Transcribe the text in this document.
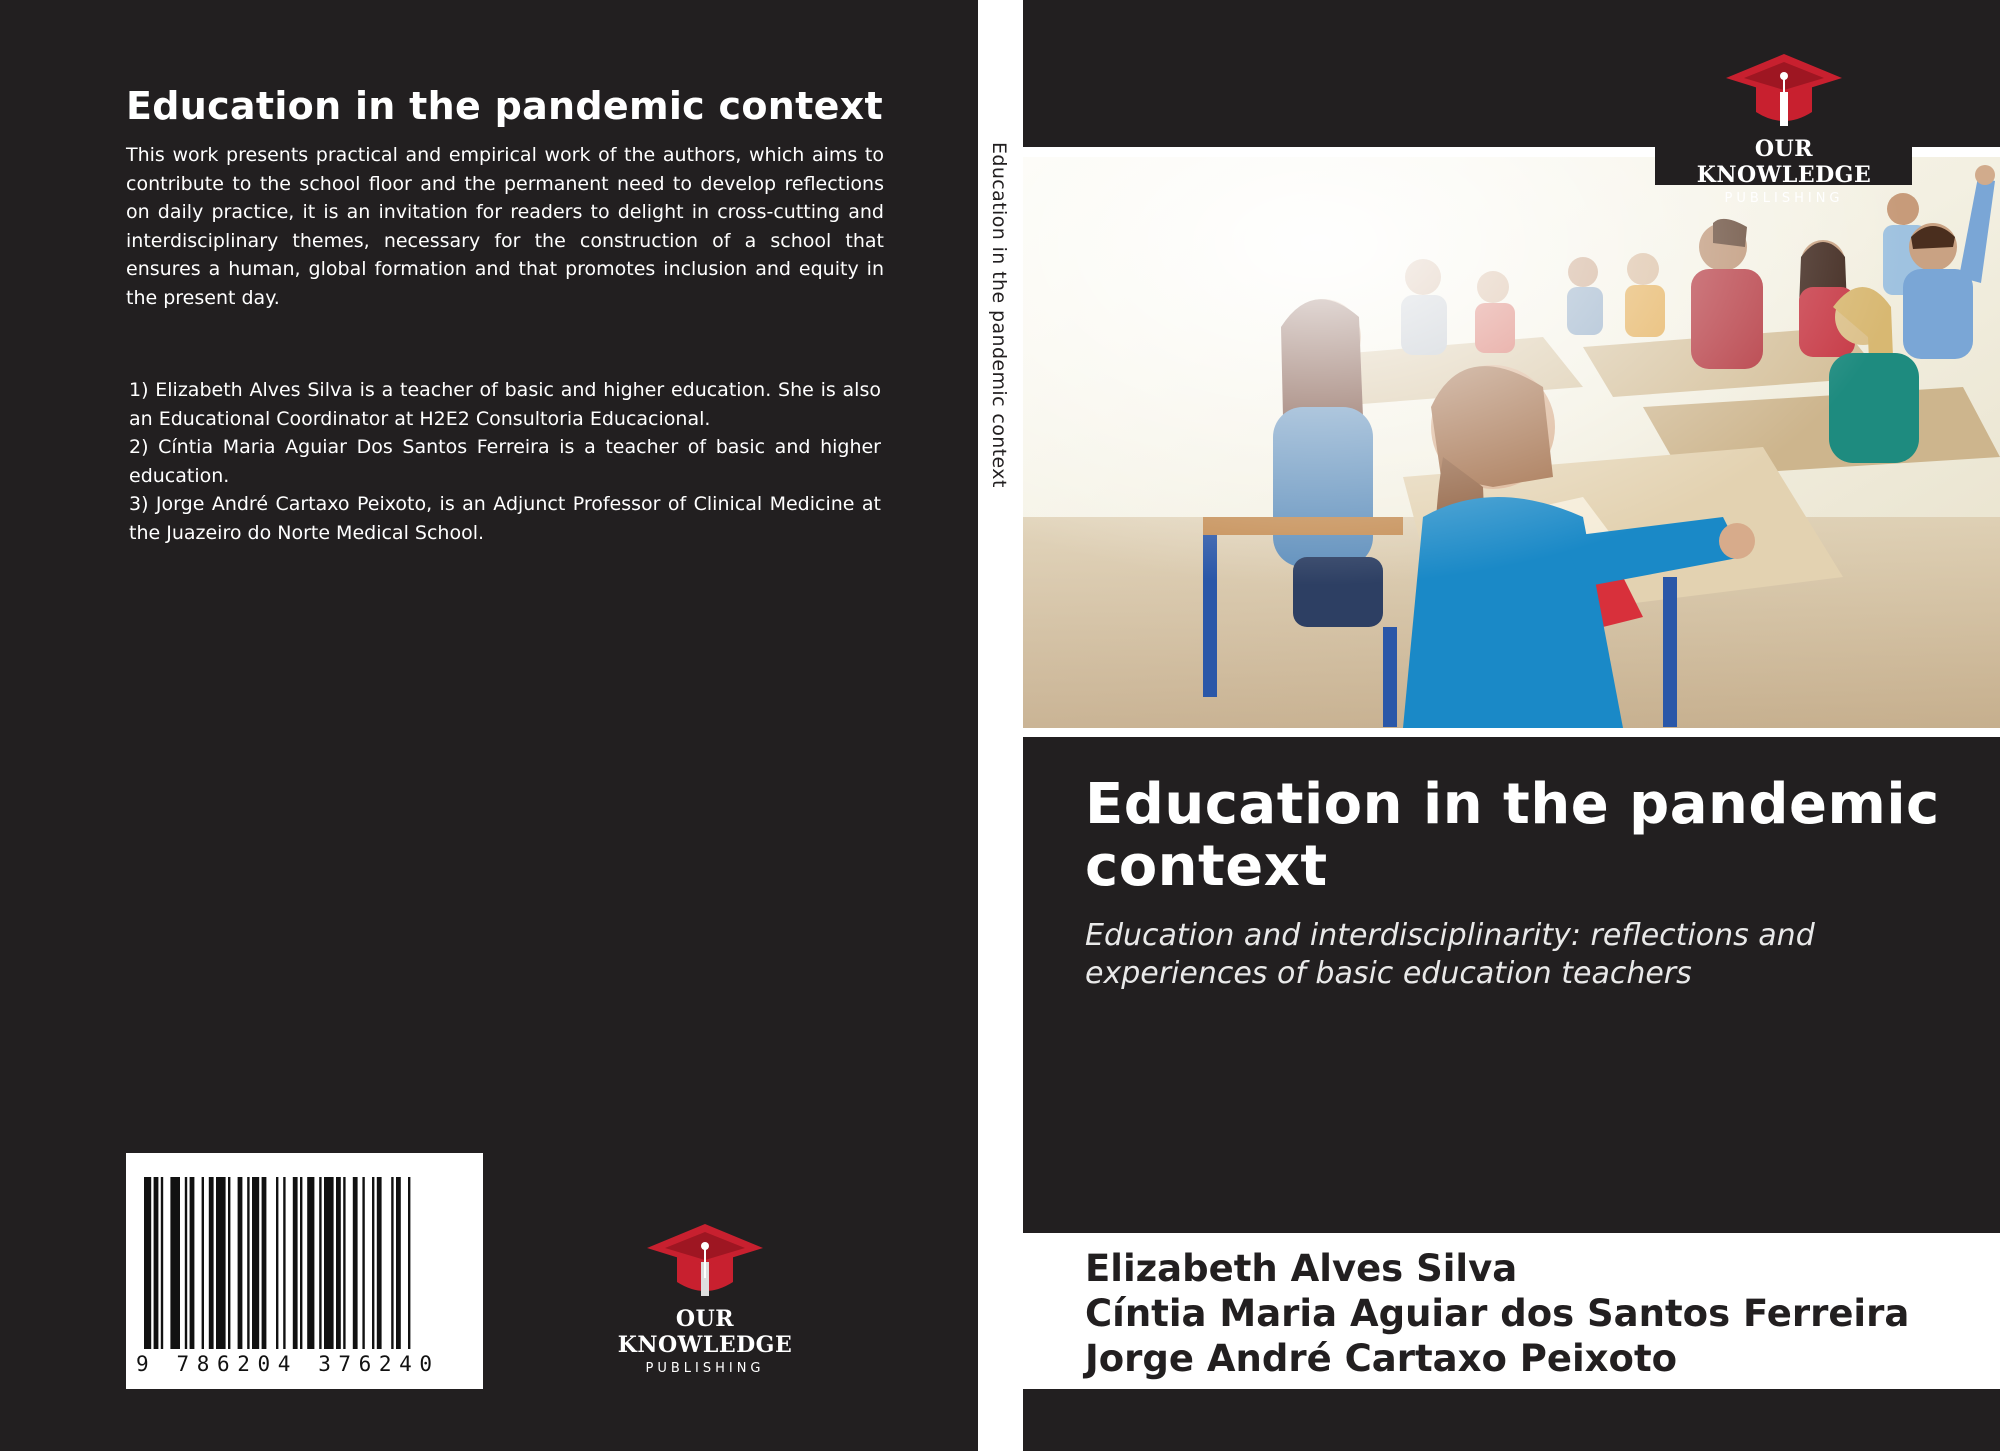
Education in the pandemic context

This work presents practical and empirical work of the authors, which aims to contribute to the school floor and the permanent need to develop reflections on daily practice, it is an invitation for readers to delight in cross-cutting and interdisciplinary themes, necessary for the construction of a school that ensures a human, global formation and that promotes inclusion and equity in the present day.

1) Elizabeth Alves Silva is a teacher of basic and higher education. She is also an Educational Coordinator at H2E2 Consultoria Educacional.

2) Cíntia Maria Aguiar Dos Santos Ferreira is a teacher of basic and higher education.

3) Jorge André Cartaxo Peixoto, is an Adjunct Professor of Clinical Medicine at the Juazeiro do Norte Medical School.

9 786204 376240
OUR KNOWLEDGE
PUBLISHING
Education in the pandemic context	OUR KNOWLEDGE
PUBLISHING
Education in the pandemic context

Education and interdisciplinarity: reflections and experiences of basic education teachers

Elizabeth Alves Silva
Cíntia Maria Aguiar dos Santos Ferreira
Jorge André Cartaxo Peixoto
